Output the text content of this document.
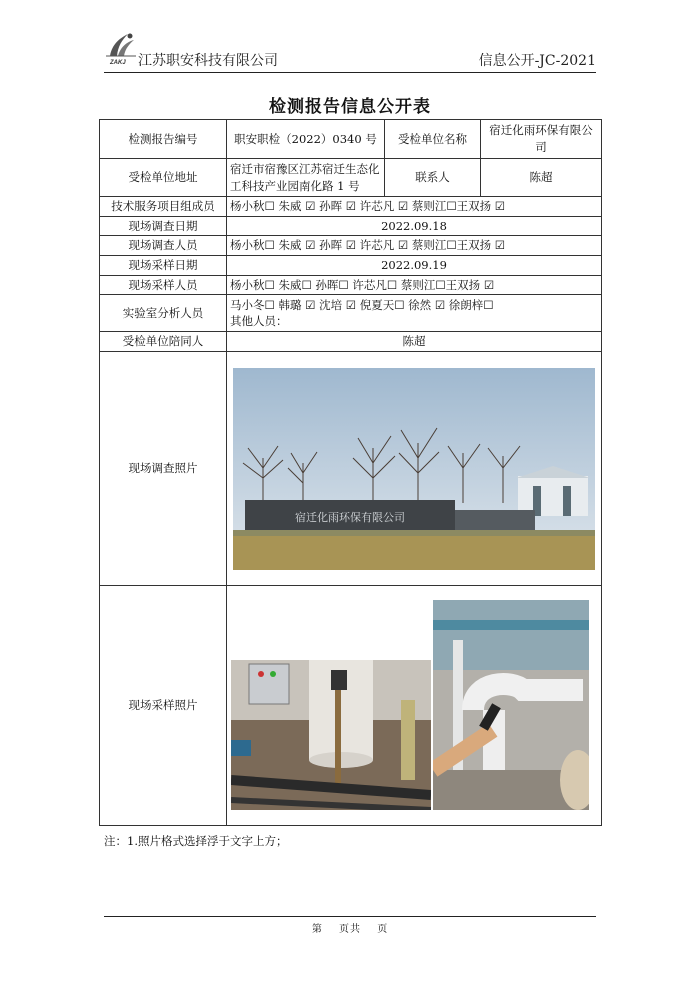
ZAKJ 江苏职安科技有限公司	信息公开-JC-2021
检测报告信息公开表
检测报告编号	职安职检（2022）0340 号	受检单位名称	宿迁化雨环保有限公司
受检单位地址	宿迁市宿豫区江苏宿迁生态化工科技产业园南化路 1 号	联系人	陈超
技术服务项目组成员	杨小秋☐ 朱威 ☑ 孙晖 ☑ 许芯凡 ☑ 蔡则江☐王双扬 ☑		
现场调查日期	2022.09.18		
现场调查人员	杨小秋☐ 朱威 ☑ 孙晖 ☑ 许芯凡 ☑ 蔡则江☐王双扬 ☑		
现场采样日期	2022.09.19		
现场采样人员	杨小秋☐ 朱威☐ 孙晖☐ 许芯凡☐ 蔡则江☐王双扬 ☑		
实验室分析人员	马小冬☐ 韩璐 ☑ 沈培 ☑ 倪夏天☐ 徐然 ☑ 徐朗梓☐
其他人员：		

受检单位陪同人	陈超		
现场调查照片	宿迁化雨环保有限公司		

现场采样照片	
注：1.照片格式选择浮于文字上方；
第 页共 页
